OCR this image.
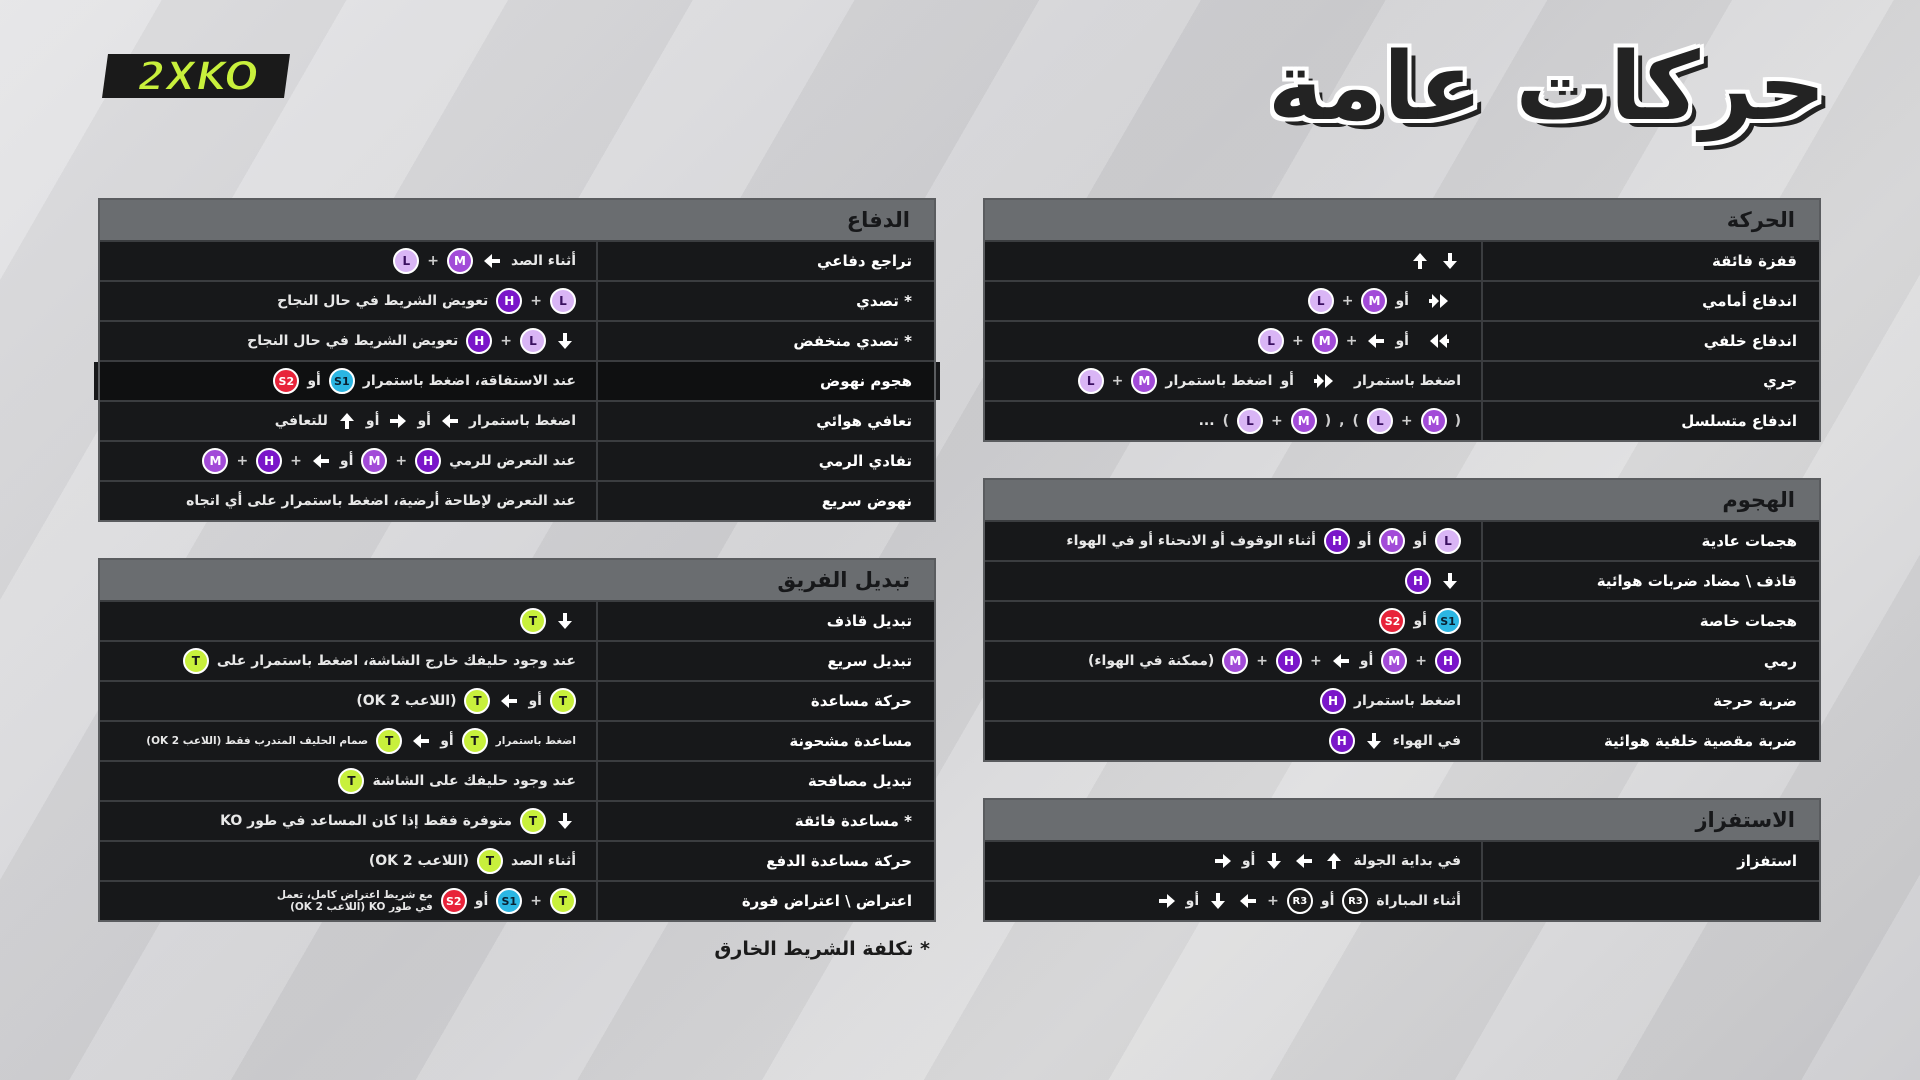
2XKO	حركات عامة
الحركة
قفزة فائقة
اندفاع أمامي
أو
M
+
L
اندفاع خلفي
أو
+
M
+
L
جري
اضغط باستمرار
أو
اضغط باستمرار
M
+
L
اندفاع متسلسل
(
M
+
L
)
,
(
M
+
L
)
...
الهجوم
هجمات عادية
L
أو
M
أو
H
أثناء الوقوف أو الانحناء أو في الهواء
قاذف \ مضاد ضربات هوائية
H
هجمات خاصة
S1
أو
S2
رمي
H
+
M
أو
+
H
+
M
(ممكنة في الهواء)
ضربة حرجة
اضغط باستمرار
H
ضربة مقصية خلفية هوائية
في الهواء
H
الاستفزاز
استفزاز
في بداية الجولة
أو
أثناء المباراة
R3
أو
R3
+
أو
الدفاع
تراجع دفاعي
أثناء الصد
M
+
L
* تصدي
L
+
H
تعويض الشريط في حال النجاح
* تصدي منخفض
L
+
H
تعويض الشريط في حال النجاح
هجوم نهوض
عند الاستفاقة، اضغط باستمرار
S1
أو
S2
تعافي هوائي
اضغط باستمرار
أو
أو
للتعافي
تفادي الرمي
عند التعرض للرمي
H
+
M
أو
+
H
+
M
نهوض سريع
عند التعرض لإطاحة أرضية، اضغط باستمرار على أي اتجاه
تبديل الفريق
تبديل قاذف
T
تبديل سريع
عند وجود حليفك خارج الشاشة، اضغط باستمرار على
T
حركة مساعدة
T
أو
T
(اللاعب 2 OK)
مساعدة مشحونة
اضغط باستمرار
T
أو
T
صمام الحليف المتدرب فقط (اللاعب 2 OK)
تبديل مصافحة
عند وجود حليفك على الشاشة
T
* مساعدة فائقة
T
متوفرة فقط إذا كان المساعد في طور KO
حركة مساعدة الدفع
أثناء الصد
T
(اللاعب 2 OK)
اعتراض \ اعتراض فورة
T
+
S1
أو
S2
مع شريط اعتراض كامل، تعمل
في طور KO (اللاعب 2 OK)
* تكلفة الشريط الخارق
